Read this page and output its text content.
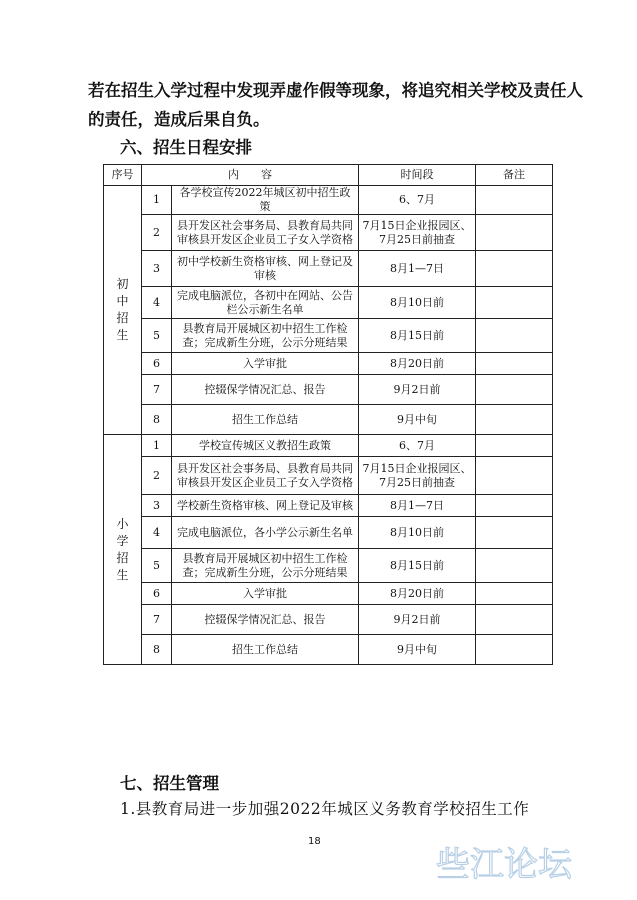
若在招生入学过程中发现弄虚作假等现象，将追究相关学校及责任人的责任，造成后果自负。
六、招生日程安排
序号	内　　容		时间段	备注
初
中
招
生	1	各学校宣传2022年城区初中招生政策	6、7月	
	2	县开发区社会事务局、县教育局共同审核县开发区企业员工子女入学资格	7月15日企业报园区、7月25日前抽查	
	3	初中学校新生资格审核、网上登记及审核	8月1—7日	
	4	完成电脑派位，各初中在网站、公告栏公示新生名单	8月10日前	
	5	县教育局开展城区初中招生工作检查；完成新生分班，公示分班结果	8月15日前	
	6	入学审批	8月20日前	
	7	控辍保学情况汇总、报告	9月2日前	
	8	招生工作总结	9月中旬	
小
学
招
生	1	学校宣传城区义教招生政策	6、7月	
	2	县开发区社会事务局、县教育局共同审核县开发区企业员工子女入学资格	7月15日企业报园区、7月25日前抽查	
	3	学校新生资格审核、网上登记及审核	8月1—7日	
	4	完成电脑派位，各小学公示新生名单	8月10日前	
	5	县教育局开展城区初中招生工作检查；完成新生分班，公示分班结果	8月15日前	
	6	入学审批	8月20日前	
	7	控辍保学情况汇总、报告	9月2日前	
	8	招生工作总结	9月中旬	
七、招生管理
1.县教育局进一步加强2022年城区义务教育学校招生工作
18
些江论坛
